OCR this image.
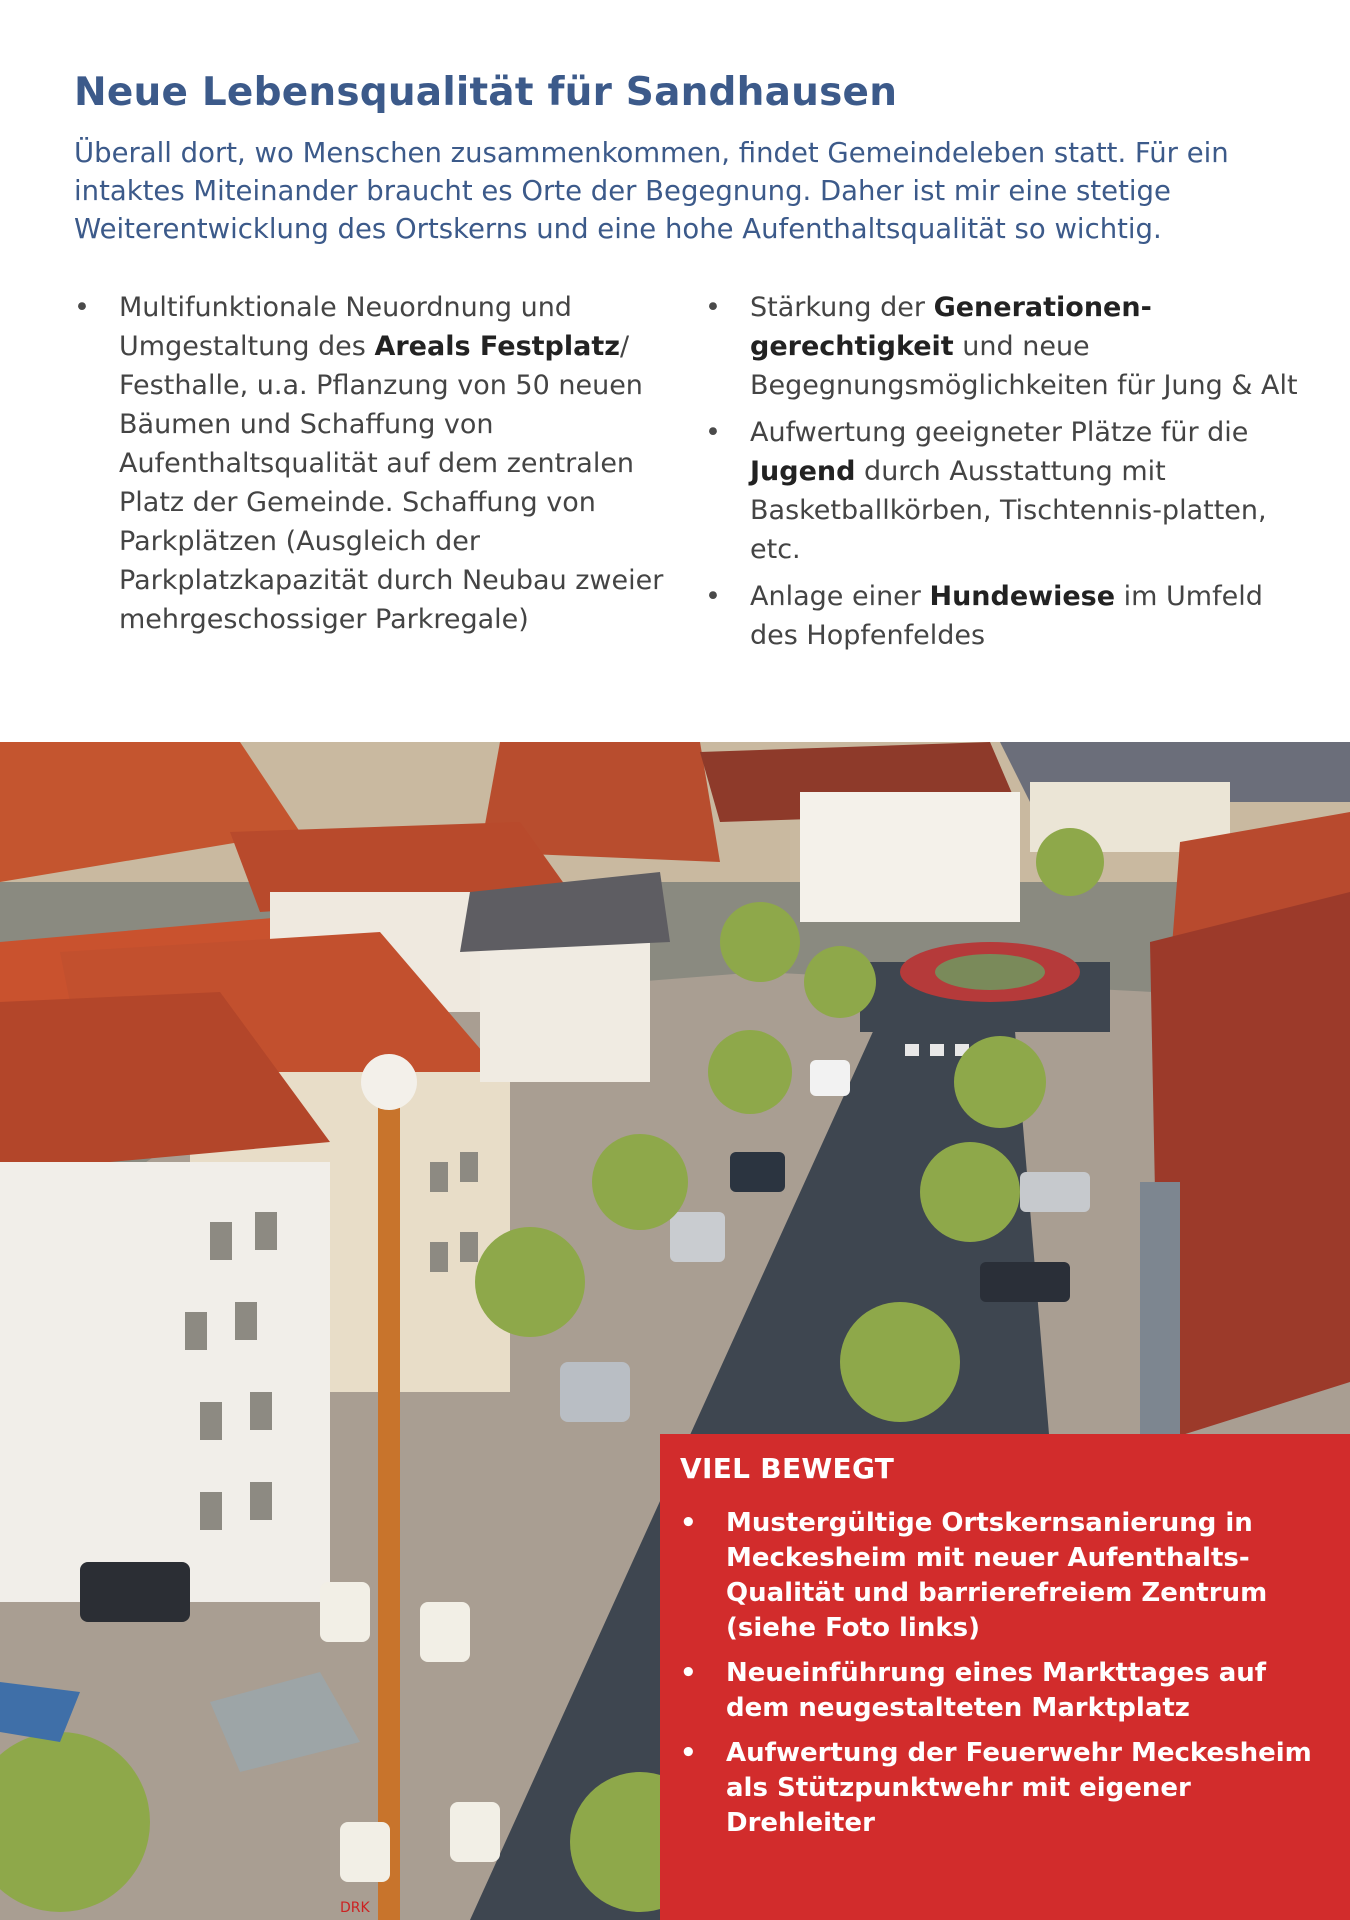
Neue Lebensqualität für Sandhausen

Überall dort, wo Menschen zusammenkommen, findet Gemeindeleben statt. Für ein intaktes Miteinander braucht es Orte der Begegnung. Daher ist mir eine stetige Weiterentwicklung des Ortskerns und eine hohe Aufenthaltsqualität so wichtig.

• Multifunktionale Neuordnung und Umgestaltung des Areals Festplatz/ Festhalle, u.a. Pflanzung von 50 neuen Bäumen und Schaffung von Aufenthaltsqualität auf dem zentralen Platz der Gemeinde. Schaffung von Parkplätzen (Ausgleich der Parkplatzkapazität durch Neubau zweier mehrgeschossiger Parkregale)
• Stärkung der Generationen-gerechtigkeit und neue Begegnungsmöglichkeiten für Jung & Alt
• Aufwertung geeigneter Plätze für die Jugend durch Ausstattung mit Basketballkörben, Tischtennis-platten, etc.
• Anlage einer Hundewiese im Umfeld des Hopfenfeldes
DRK
VIEL BEWEGT
• Mustergültige Ortskernsanierung in Meckesheim mit neuer Aufenthalts-Qualität und barrierefreiem Zentrum (siehe Foto links)
• Neueinführung eines Markttages auf dem neugestalteten Marktplatz
• Aufwertung der Feuerwehr Meckesheim als Stützpunktwehr mit eigener Drehleiter
